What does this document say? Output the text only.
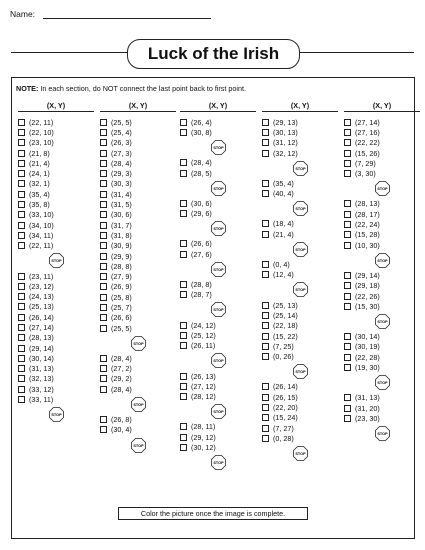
Name:
Luck of the Irish
NOTE: In each section, do NOT connect the last point back to first point.
(X, Y)
(22, 11)
(22, 10)
(23, 10)
(21, 8)
(21, 4)
(24, 1)
(32, 1)
(35, 4)
(35, 8)
(33, 10)
(34, 10)
(34, 11)
(22, 11)
STOP
(23, 11)
(23, 12)
(24, 13)
(25, 13)
(26, 14)
(27, 14)
(28, 13)
(29, 14)
(30, 14)
(31, 13)
(32, 13)
(33, 12)
(33, 11)
STOP
(X, Y)
(25, 5)
(25, 4)
(26, 3)
(27, 3)
(28, 4)
(29, 3)
(30, 3)
(31, 4)
(31, 5)
(30, 6)
(31, 7)
(31, 8)
(30, 9)
(29, 9)
(28, 8)
(27, 9)
(26, 9)
(25, 8)
(25, 7)
(26, 6)
(25, 5)
STOP
(28, 4)
(27, 2)
(29, 2)
(28, 4)
STOP
(26, 8)
(30, 4)
STOP
(X, Y)
(26, 4)
(30, 8)
STOP
(28, 4)
(28, 5)
STOP
(30, 6)
(29, 6)
STOP
(26, 6)
(27, 6)
STOP
(28, 8)
(28, 7)
STOP
(24, 12)
(25, 12)
(26, 11)
STOP
(26, 13)
(27, 12)
(28, 12)
STOP
(28, 11)
(29, 12)
(30, 12)
STOP
(X, Y)
(29, 13)
(30, 13)
(31, 12)
(32, 12)
STOP
(35, 4)
(40, 4)
STOP
(18, 4)
(21, 4)
STOP
(0, 4)
(12, 4)
STOP
(25, 13)
(25, 14)
(22, 18)
(15, 22)
(7, 25)
(0, 26)
STOP
(26, 14)
(26, 15)
(22, 20)
(15, 24)
(7, 27)
(0, 28)
STOP
(X, Y)
(27, 14)
(27, 16)
(22, 22)
(15, 26)
(7, 29)
(3, 30)
STOP
(28, 13)
(28, 17)
(22, 24)
(15, 28)
(10, 30)
STOP
(29, 14)
(29, 18)
(22, 26)
(15, 30)
STOP
(30, 14)
(30, 19)
(22, 28)
(19, 30)
STOP
(31, 13)
(31, 20)
(23, 30)
STOP
Color the picture once the image is complete.
